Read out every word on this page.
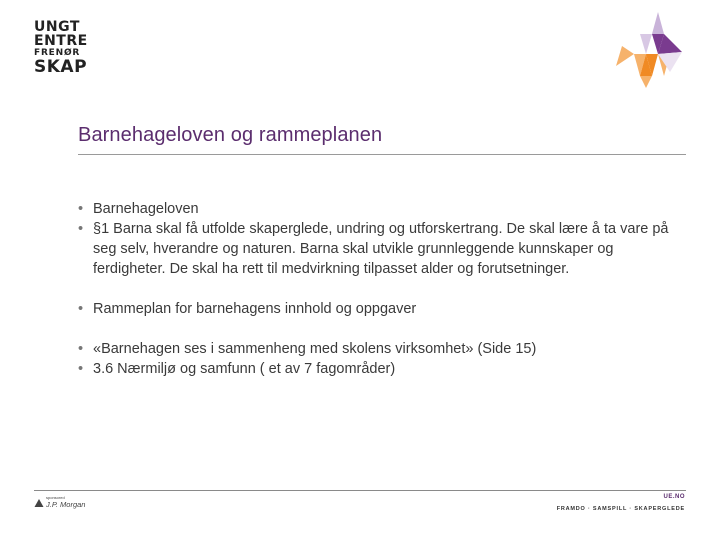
UNGT
ENTRE
FRENØR
SKAP
Barnehageloven og rammeplanen
• Barnehageloven
• §1 Barna skal få utfolde skaperglede, undring og utforskertrang. De skal lære å ta vare på seg selv, hverandre og naturen. Barna skal utvikle grunnleggende kunnskaper og ferdigheter. De skal ha rett til medvirkning tilpasset alder og forutsetninger.
• Rammeplan for barnehagens innhold og oppgaver
• «Barnehagen ses i sammenheng med skolens virksomhet» (Side 15)
• 3.6 Nærmiljø og samfunn ( et av 7 fagområder)
sponsored
J.P. Morgan
UE.NO
FRAMDO · SAMSPILL · SKAPERGLEDE
